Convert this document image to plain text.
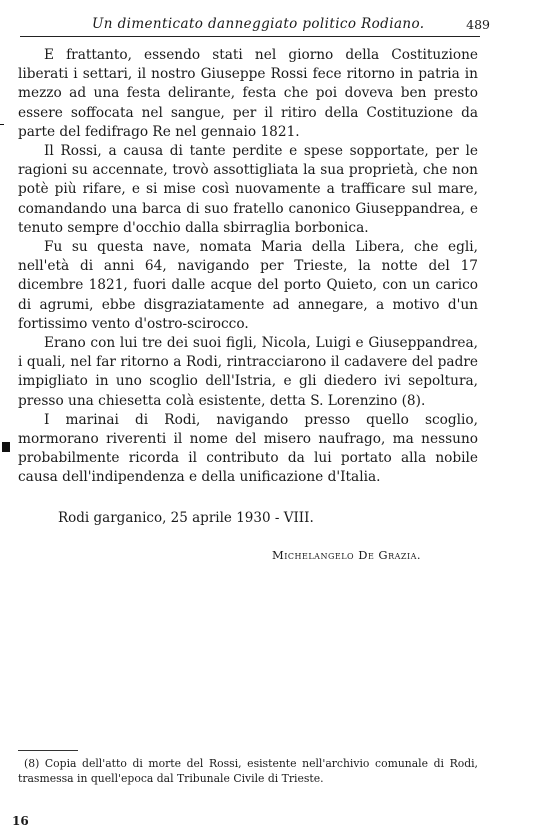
Un dimenticato danneggiato politico Rodiano.	489

E frattanto, essendo stati nel giorno della Costituzione liberati i settari, il nostro Giuseppe Rossi fece ritorno in patria in mezzo ad una festa delirante, festa che poi doveva ben presto essere soffocata nel sangue, per il ritiro della Costituzione da parte del fedifrago Re nel gennaio 1821.

Il Rossi, a causa di tante perdite e spese sopportate, per le ragioni su accennate, trovò assottigliata la sua proprietà, che non potè più rifare, e si mise così nuovamente a trafficare sul mare, comandando una barca di suo fratello canonico Giuseppandrea, e tenuto sempre d'occhio dalla sbirraglia borbonica.

Fu su questa nave, nomata Maria della Libera, che egli, nell'età di anni 64, navigando per Trieste, la notte del 17 dicembre 1821, fuori dalle acque del porto Quieto, con un carico di agrumi, ebbe disgraziatamente ad annegare, a motivo d'un fortissimo vento d'ostro-scirocco.

Erano con lui tre dei suoi figli, Nicola, Luigi e Giuseppandrea, i quali, nel far ritorno a Rodi, rintracciarono il cadavere del padre impigliato in uno scoglio dell'Istria, e gli diedero ivi sepoltura, presso una chiesetta colà esistente, detta S. Lorenzino (8).

I marinai di Rodi, navigando presso quello scoglio, mormorano riverenti il nome del misero naufrago, ma nessuno probabilmente ricorda il contributo da lui portato alla nobile causa dell'indipendenza e della unificazione d'Italia.

Rodi garganico, 25 aprile 1930 - VIII.
Michelangelo De Grazia.
(8) Copia dell'atto di morte del Rossi, esistente nell'archivio comunale di Rodi, trasmessa in quell'epoca dal Tribunale Civile di Trieste.
16
